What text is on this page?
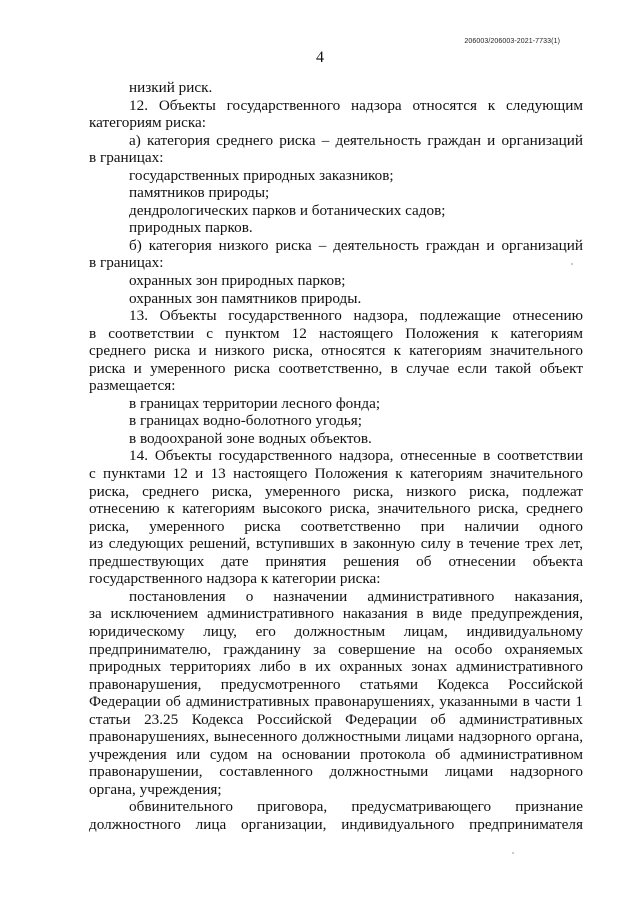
206003/206003-2021-7733(1)
4
низкий риск.
12. Объекты государственного надзора относятся к следующим
категориям риска:
а) категория среднего риска – деятельность граждан и организаций
в границах:
государственных природных заказников;
памятников природы;
дендрологических парков и ботанических садов;
природных парков.
б) категория низкого риска – деятельность граждан и организаций
в границах:
охранных зон природных парков;
охранных зон памятников природы.
13. Объекты государственного надзора, подлежащие отнесению
в соответствии с пунктом 12 настоящего Положения к категориям
среднего риска и низкого риска, относятся к категориям значительного
риска и умеренного риска соответственно, в случае если такой объект
размещается:
в границах территории лесного фонда;
в границах водно-болотного угодья;
в водоохраной зоне водных объектов.
14. Объекты государственного надзора, отнесенные в соответствии
с пунктами 12 и 13 настоящего Положения к категориям значительного
риска, среднего риска, умеренного риска, низкого риска, подлежат
отнесению к категориям высокого риска, значительного риска, среднего
риска, умеренного риска соответственно при наличии одного
из следующих решений, вступивших в законную силу в течение трех лет,
предшествующих дате принятия решения об отнесении объекта
государственного надзора к категории риска:
постановления о назначении административного наказания,
за исключением административного наказания в виде предупреждения,
юридическому лицу, его должностным лицам, индивидуальному
предпринимателю, гражданину за совершение на особо охраняемых
природных территориях либо в их охранных зонах административного
правонарушения, предусмотренного статьями Кодекса Российской
Федерации об административных правонарушениях, указанными в части 1
статьи 23.25 Кодекса Российской Федерации об административных
правонарушениях, вынесенного должностными лицами надзорного органа,
учреждения или судом на основании протокола об административном
правонарушении, составленного должностными лицами надзорного
органа, учреждения;
обвинительного приговора, предусматривающего признание
должностного лица организации, индивидуального предпринимателя
